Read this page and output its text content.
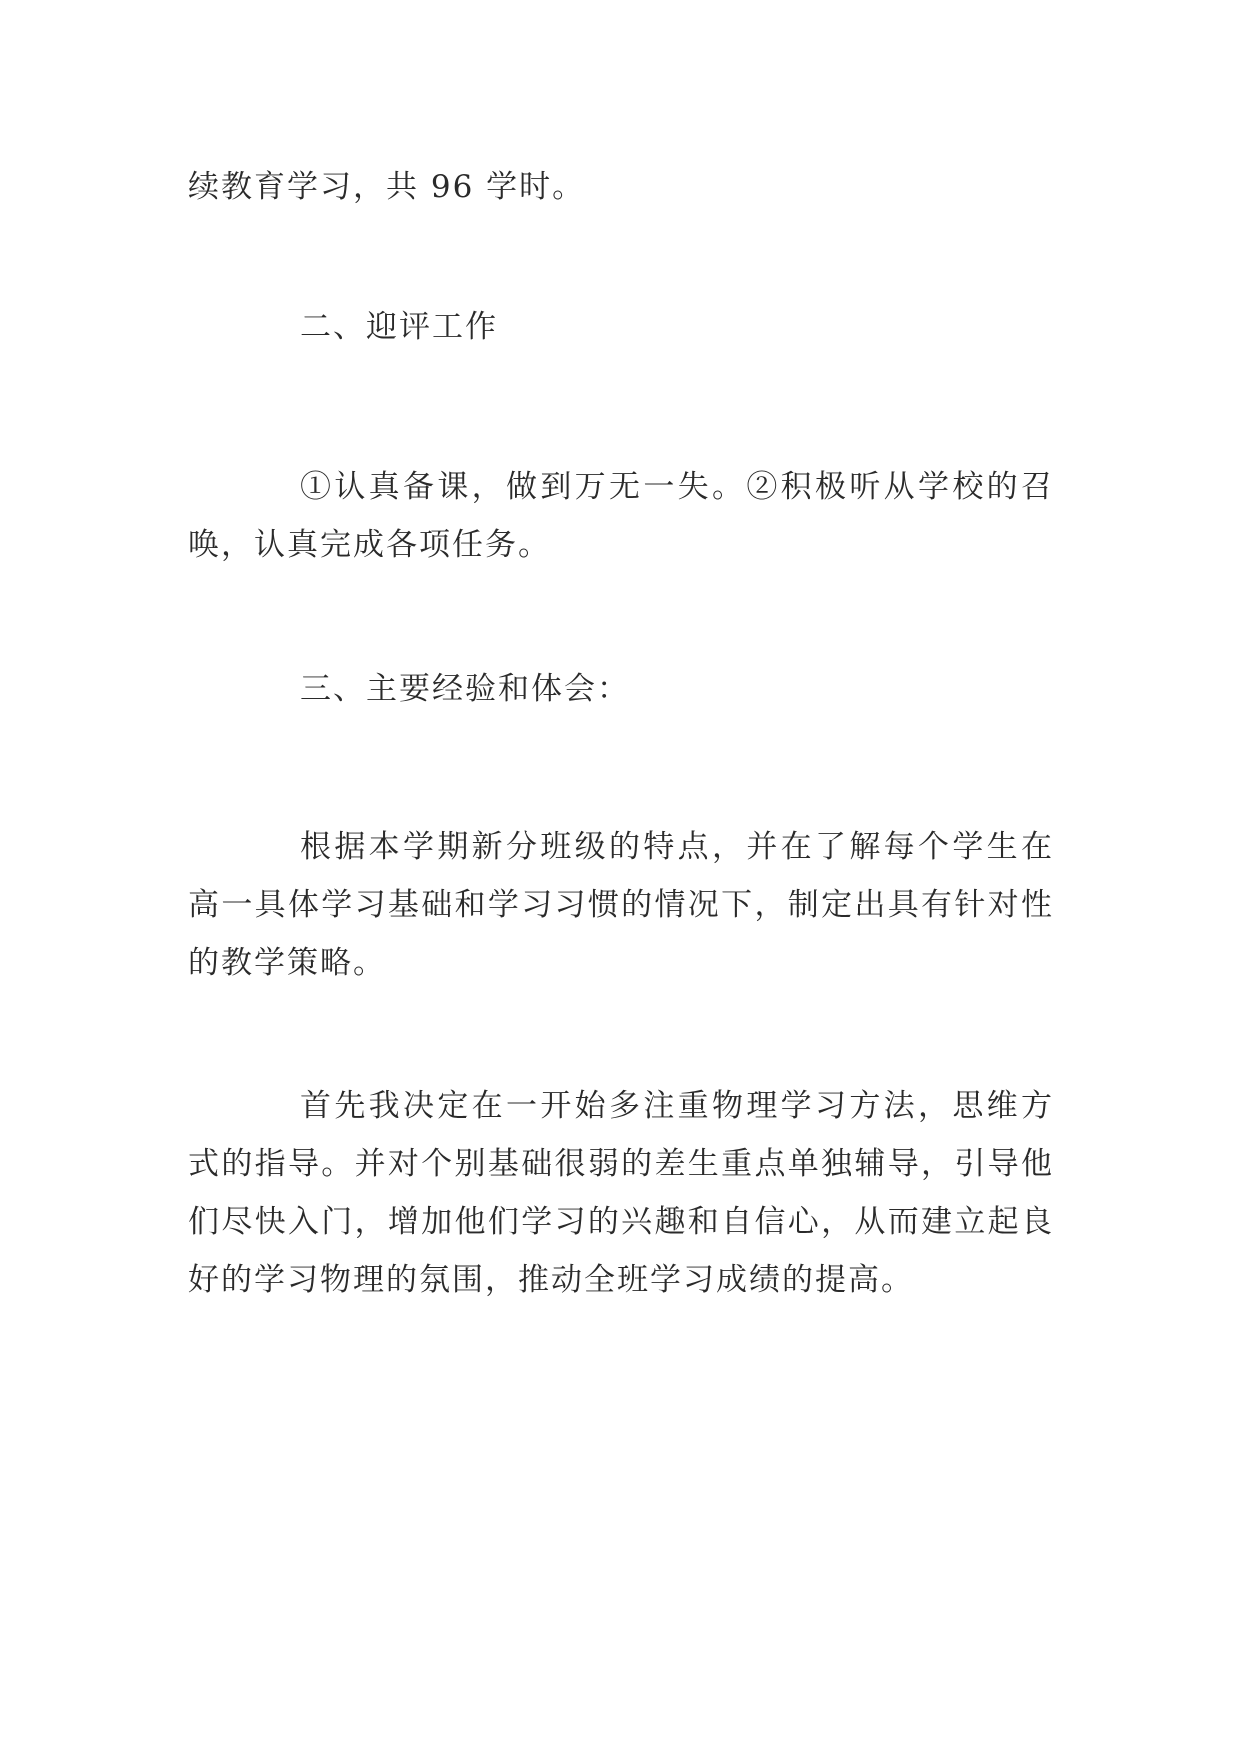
续教育学习，共 96 学时。

二、迎评工作

①认真备课，做到万无一失。②积极听从学校的召唤，认真完成各项任务。

三、主要经验和体会：

根据本学期新分班级的特点，并在了解每个学生在高一具体学习基础和学习习惯的情况下，制定出具有针对性的教学策略。

首先我决定在一开始多注重物理学习方法，思维方式的指导。并对个别基础很弱的差生重点单独辅导，引导他们尽快入门，增加他们学习的兴趣和自信心，从而建立起良好的学习物理的氛围，推动全班学习成绩的提高。
